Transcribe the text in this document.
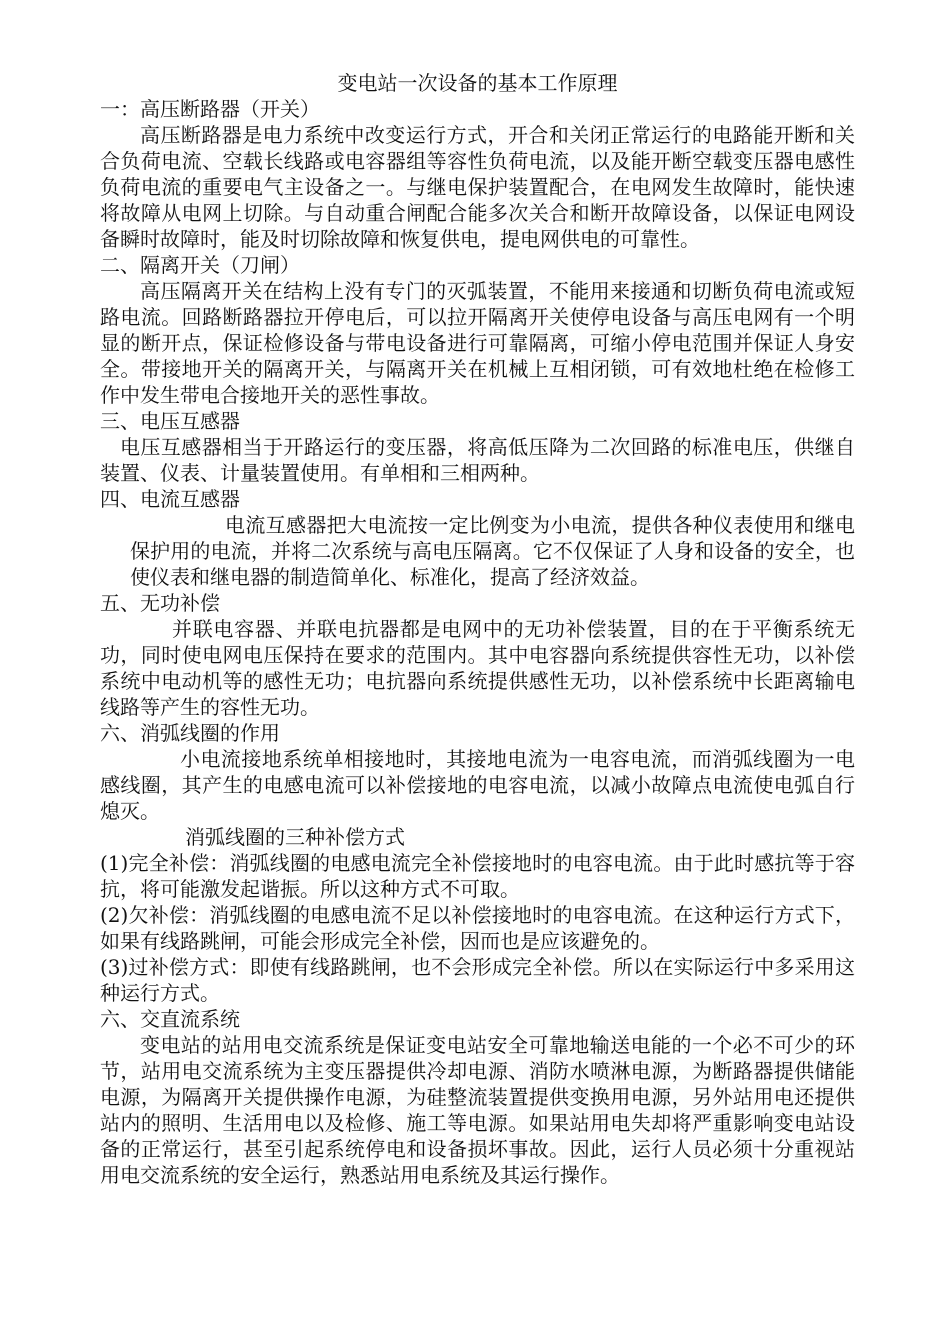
变电站一次设备的基本工作原理
一：高压断路器（开关）

高压断路器是电力系统中改变运行方式，开合和关闭正常运行的电路能开断和关合负荷电流、空载长线路或电容器组等容性负荷电流，以及能开断空载变压器电感性负荷电流的重要电气主设备之一。与继电保护装置配合，在电网发生故障时，能快速将故障从电网上切除。与自动重合闸配合能多次关合和断开故障设备，以保证电网设备瞬时故障时，能及时切除故障和恢复供电，提电网供电的可靠性。

二、隔离开关（刀闸）

高压隔离开关在结构上没有专门的灭弧装置，不能用来接通和切断负荷电流或短路电流。回路断路器拉开停电后，可以拉开隔离开关使停电设备与高压电网有一个明显的断开点，保证检修设备与带电设备进行可靠隔离，可缩小停电范围并保证人身安全。带接地开关的隔离开关，与隔离开关在机械上互相闭锁，可有效地杜绝在检修工作中发生带电合接地开关的恶性事故。

三、电压互感器

电压互感器相当于开路运行的变压器，将高低压降为二次回路的标准电压，供继自装置、仪表、计量装置使用。有单相和三相两种。

四、电流互感器

电流互感器把大电流按一定比例变为小电流，提供各种仪表使用和继电保护用的电流，并将二次系统与高电压隔离。它不仅保证了人身和设备的安全，也使仪表和继电器的制造简单化、标准化，提高了经济效益。

五、无功补偿

并联电容器、并联电抗器都是电网中的无功补偿装置，目的在于平衡系统无功，同时使电网电压保持在要求的范围内。其中电容器向系统提供容性无功，以补偿系统中电动机等的感性无功；电抗器向系统提供感性无功，以补偿系统中长距离输电线路等产生的容性无功。

六、消弧线圈的作用

小电流接地系统单相接地时，其接地电流为一电容电流，而消弧线圈为一电感线圈，其产生的电感电流可以补偿接地的电容电流，以减小故障点电流使电弧自行熄灭。

消弧线圈的三种补偿方式

(1)完全补偿：消弧线圈的电感电流完全补偿接地时的电容电流。由于此时感抗等于容抗，将可能激发起谐振。所以这种方式不可取。

(2)欠补偿：消弧线圈的电感电流不足以补偿接地时的电容电流。在这种运行方式下，如果有线路跳闸，可能会形成完全补偿，因而也是应该避免的。

(3)过补偿方式：即使有线路跳闸，也不会形成完全补偿。所以在实际运行中多采用这种运行方式。

六、交直流系统

变电站的站用电交流系统是保证变电站安全可靠地输送电能的一个必不可少的环节，站用电交流系统为主变压器提供冷却电源、消防水喷淋电源，为断路器提供储能电源，为隔离开关提供操作电源，为硅整流装置提供变换用电源，另外站用电还提供站内的照明、生活用电以及检修、施工等电源。如果站用电失却将严重影响变电站设备的正常运行，甚至引起系统停电和设备损坏事故。因此，运行人员必须十分重视站用电交流系统的安全运行，熟悉站用电系统及其运行操作。
